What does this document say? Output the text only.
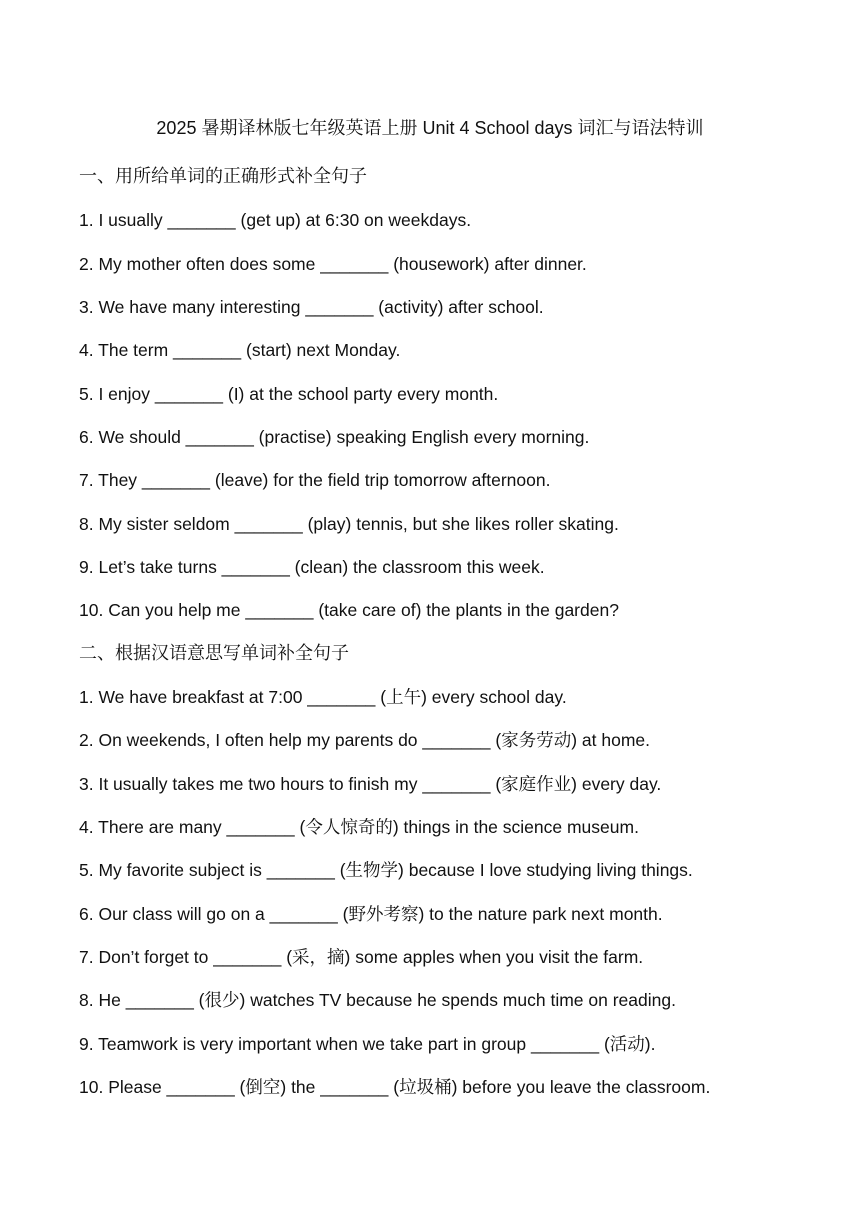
2025 暑期译林版七年级英语上册 Unit 4 School days 词汇与语法特训
一、用所给单词的正确形式补全句子
1. I usually _______ (get up) at 6:30 on weekdays.
2. My mother often does some _______ (housework) after dinner.
3. We have many interesting _______ (activity) after school.
4. The term _______ (start) next Monday.
5. I enjoy _______ (I) at the school party every month.
6. We should _______ (practise) speaking English every morning.
7. They _______ (leave) for the field trip tomorrow afternoon.
8. My sister seldom _______ (play) tennis, but she likes roller skating.
9. Let’s take turns _______ (clean) the classroom this week.
10. Can you help me _______ (take care of) the plants in the garden?
二、根据汉语意思写单词补全句子
1. We have breakfast at 7:00 _______ (上午) every school day.
2. On weekends, I often help my parents do _______ (家务劳动) at home.
3. It usually takes me two hours to finish my _______ (家庭作业) every day.
4. There are many _______ (令人惊奇的) things in the science museum.
5. My favorite subject is _______ (生物学) because I love studying living things.
6. Our class will go on a _______ (野外考察) to the nature park next month.
7. Don’t forget to _______ (采，摘) some apples when you visit the farm.
8. He _______ (很少) watches TV because he spends much time on reading.
9. Teamwork is very important when we take part in group _______ (活动).
10. Please _______ (倒空) the _______ (垃圾桶) before you leave the classroom.
